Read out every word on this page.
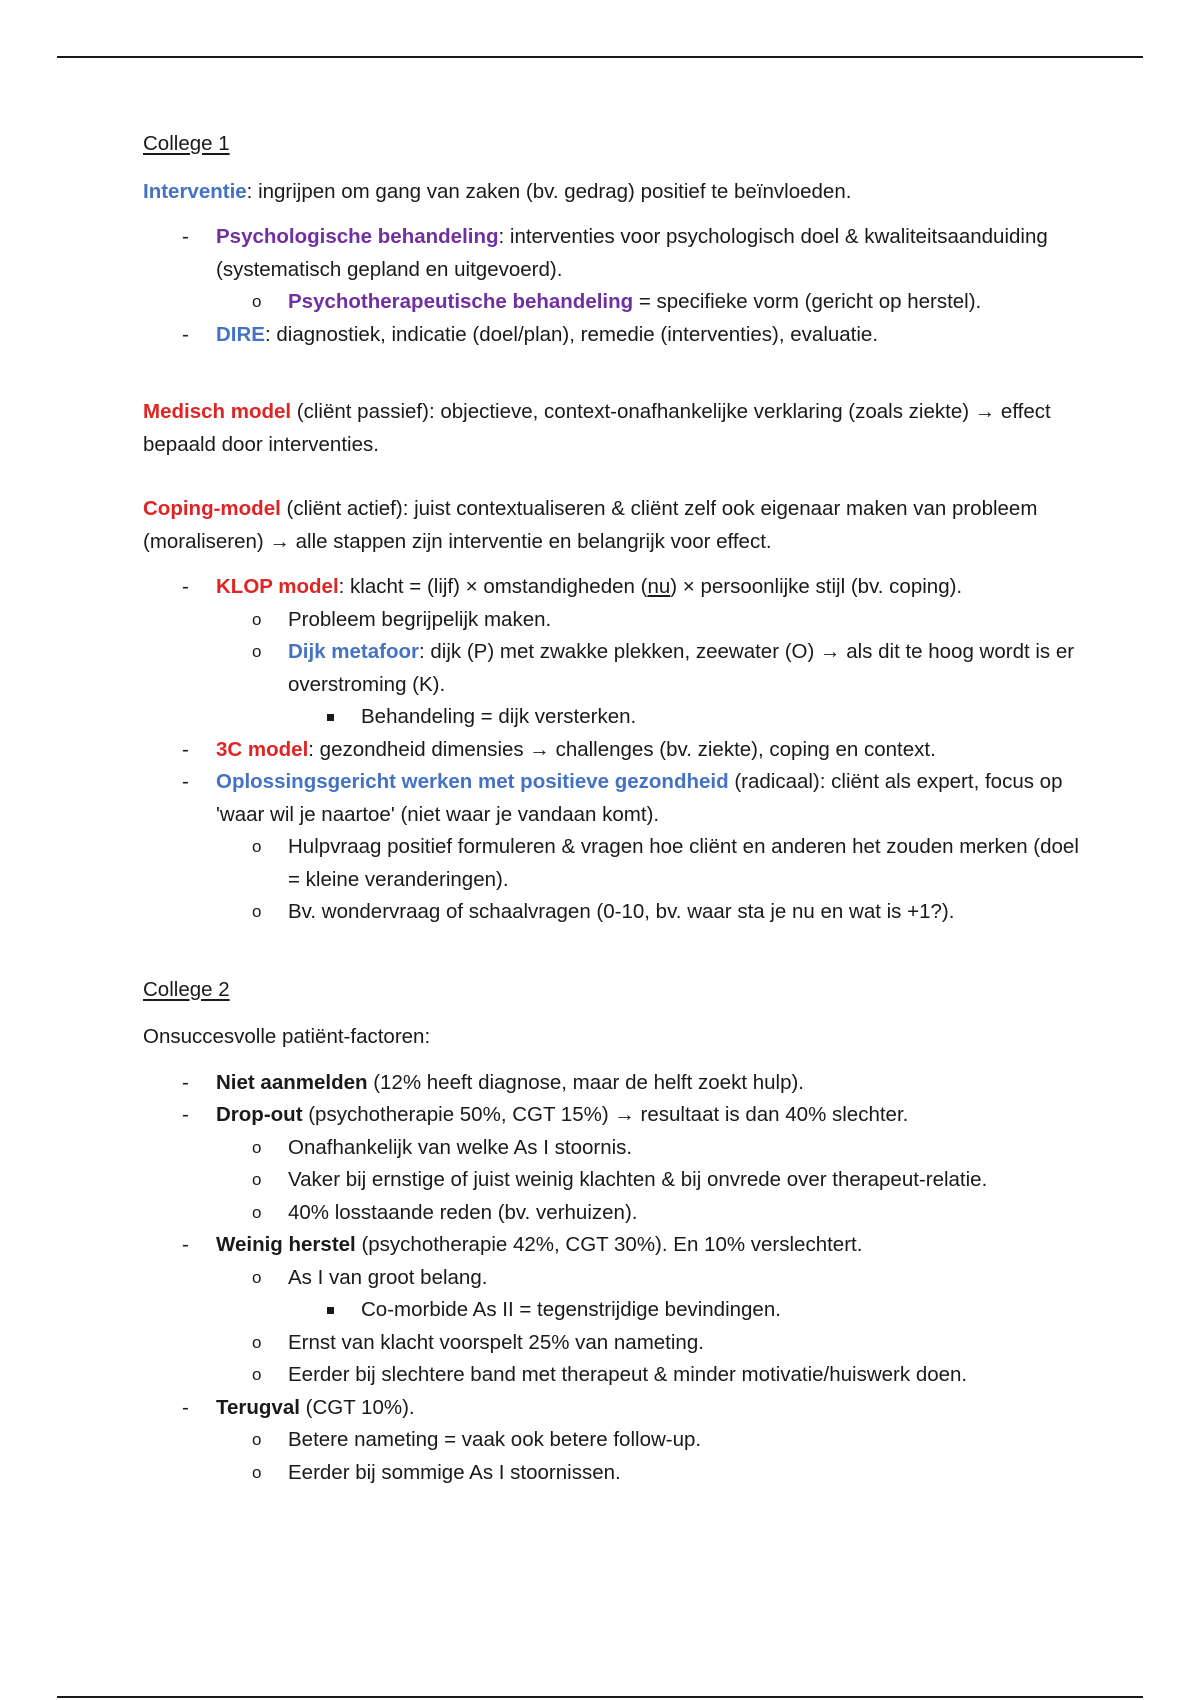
College 1

Interventie: ingrijpen om gang van zaken (bv. gedrag) positief te beïnvloeden.

- Psychologische behandeling: interventies voor psychologisch doel & kwaliteitsaanduiding (systematisch gepland en uitgevoerd).
o Psychotherapeutische behandeling = specifieke vorm (gericht op herstel).
- DIRE: diagnostiek, indicatie (doel/plan), remedie (interventies), evaluatie.

Medisch model (cliënt passief): objectieve, context-onafhankelijke verklaring (zoals ziekte) → effect bepaald door interventies.

Coping-model (cliënt actief): juist contextualiseren & cliënt zelf ook eigenaar maken van probleem (moraliseren) → alle stappen zijn interventie en belangrijk voor effect.

- KLOP model: klacht = (lijf) × omstandigheden (nu) × persoonlijke stijl (bv. coping).
o Probleem begrijpelijk maken.
o Dijk metafoor: dijk (P) met zwakke plekken, zeewater (O) → als dit te hoog wordt is er overstroming (K).
Behandeling = dijk versterken.
- 3C model: gezondheid dimensies → challenges (bv. ziekte), coping en context.
- Oplossingsgericht werken met positieve gezondheid (radicaal): cliënt als expert, focus op 'waar wil je naartoe' (niet waar je vandaan komt).
o Hulpvraag positief formuleren & vragen hoe cliënt en anderen het zouden merken (doel = kleine veranderingen).
o Bv. wondervraag of schaalvragen (0-10, bv. waar sta je nu en wat is +1?).

College 2

Onsuccesvolle patiënt-factoren:

- Niet aanmelden (12% heeft diagnose, maar de helft zoekt hulp).
- Drop-out (psychotherapie 50%, CGT 15%) → resultaat is dan 40% slechter.
o Onafhankelijk van welke As I stoornis.
o Vaker bij ernstige of juist weinig klachten & bij onvrede over therapeut-relatie.
o 40% losstaande reden (bv. verhuizen).
- Weinig herstel (psychotherapie 42%, CGT 30%). En 10% verslechtert.
o As I van groot belang.
Co-morbide As II = tegenstrijdige bevindingen.
o Ernst van klacht voorspelt 25% van nameting.
o Eerder bij slechtere band met therapeut & minder motivatie/huiswerk doen.
- Terugval (CGT 10%).
o Betere nameting = vaak ook betere follow-up.
o Eerder bij sommige As I stoornissen.
